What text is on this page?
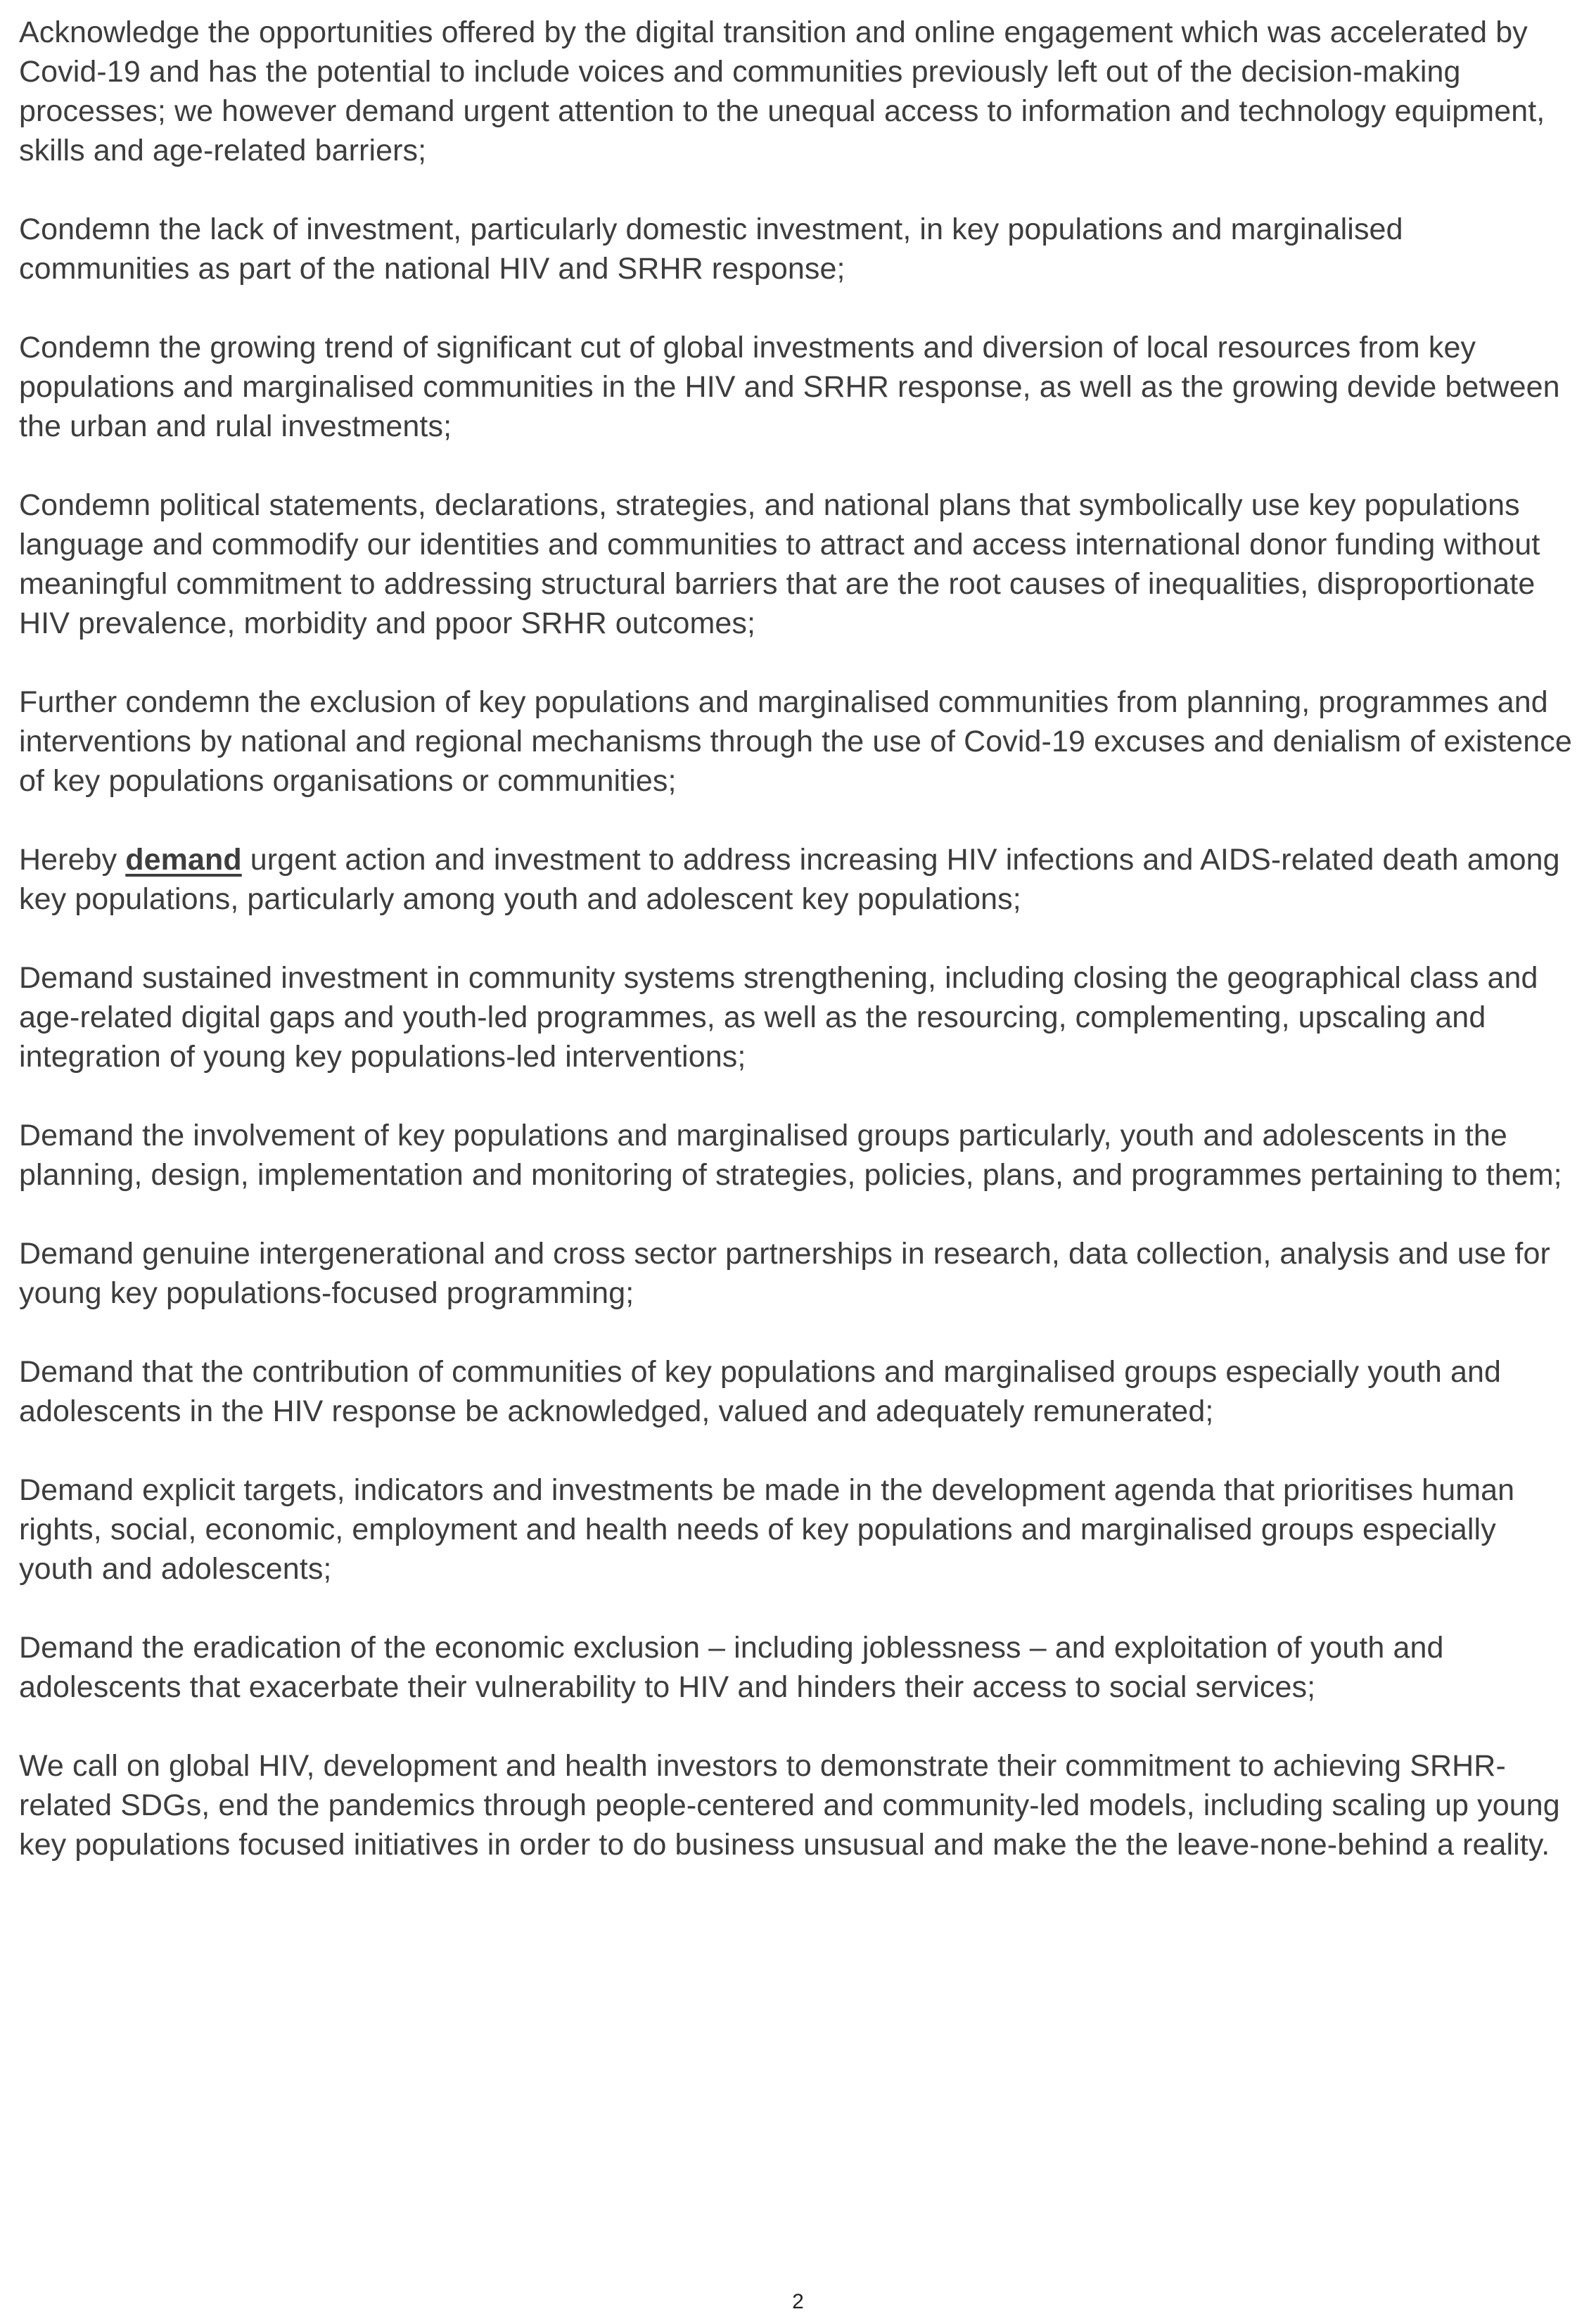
Acknowledge the opportunities offered by the digital transition and online engagement which was accelerated by Covid-19 and has the potential to include voices and communities previously left out of the decision-making processes; we however demand urgent attention to the unequal access to information and technology equipment, skills and age-related barriers;

Condemn the lack of investment, particularly domestic investment, in key populations and marginalised communities as part of the national HIV and SRHR response;

Condemn the growing trend of significant cut of global investments and diversion of local resources from key populations and marginalised communities in the HIV and SRHR response, as well as the growing devide between the urban and rulal investments;

Condemn political statements, declarations, strategies, and national plans that symbolically use key populations language and commodify our identities and communities to attract and access international donor funding without meaningful commitment to addressing structural barriers that are the root causes of inequalities, disproportionate HIV prevalence, morbidity and ppoor SRHR outcomes;

Further condemn the exclusion of key populations and marginalised communities from planning, programmes and interventions by national and regional mechanisms through the use of Covid-19 excuses and denialism of existence of key populations organisations or communities;

Hereby demand urgent action and investment to address increasing HIV infections and AIDS-related death among key populations, particularly among youth and adolescent key populations;

Demand sustained investment in community systems strengthening, including closing the geographical class and age-related digital gaps and youth-led programmes, as well as the resourcing, complementing, upscaling and integration of young key populations-led interventions;

Demand the involvement of key populations and marginalised groups particularly, youth and adolescents in the planning, design, implementation and monitoring of strategies, policies, plans, and programmes pertaining to them;

Demand genuine intergenerational and cross sector partnerships in research, data collection, analysis and use for young key populations-focused programming;

Demand that the contribution of communities of key populations and marginalised groups especially youth and adolescents in the HIV response be acknowledged, valued and adequately remunerated;

Demand explicit targets, indicators and investments be made in the development agenda that prioritises human rights, social, economic, employment and health needs of key populations and marginalised groups especially youth and adolescents;

Demand the eradication of the economic exclusion – including joblessness – and exploitation of youth and adolescents that exacerbate their vulnerability to HIV and hinders their access to social services;

We call on global HIV, development and health investors to demonstrate their commitment to achieving SRHR-related SDGs, end the pandemics through people-centered and community-led models, including scaling up young key populations focused initiatives in order to do business unsusual and make the the leave-none-behind a reality.

2
